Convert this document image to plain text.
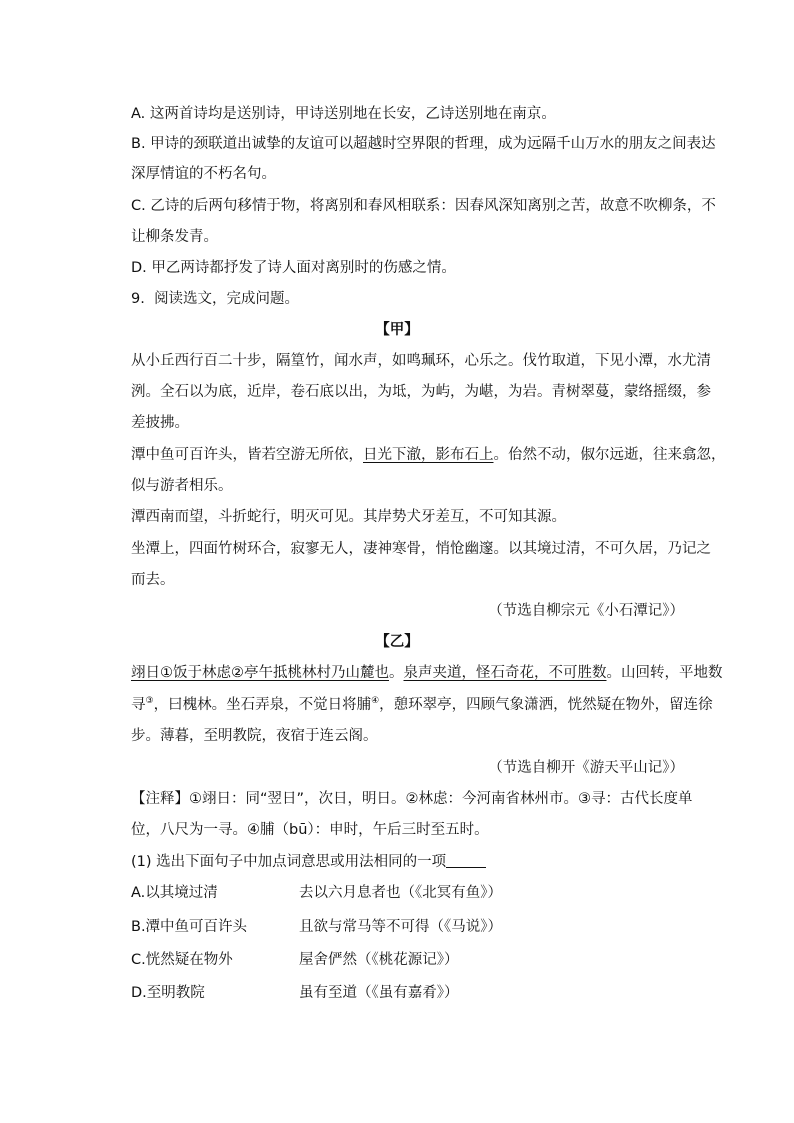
A. 这两首诗均是送别诗，甲诗送别地在长安，乙诗送别地在南京。
B. 甲诗的颈联道出诚挚的友谊可以超越时空界限的哲理，成为远隔千山万水的朋友之间表达
深厚情谊的不朽名句。
C. 乙诗的后两句移情于物，将离别和春风相联系：因春风深知离别之苦，故意不吹柳条，不
让柳条发青。
D. 甲乙两诗都抒发了诗人面对离别时的伤感之情。
9. 阅读选文，完成问题。
【甲】
从小丘西行百二十步，隔篁竹，闻水声，如鸣珮环，心乐之。伐竹取道，下见小潭，水尤清
洌。全石以为底，近岸，卷石底以出，为坻，为屿，为嵁，为岩。青树翠蔓，蒙络摇缀，参
差披拂。
潭中鱼可百许头，皆若空游无所依，日光下澈，影布石上。佁然不动，俶尔远逝，往来翕忽，
似与游者相乐。
潭西南而望，斗折蛇行，明灭可见。其岸势犬牙差互，不可知其源。
坐潭上，四面竹树环合，寂寥无人，凄神寒骨，悄怆幽邃。以其境过清，不可久居，乃记之
而去。
（节选自柳宗元《小石潭记》）
【乙】
翊日①饭于林虑②亭午抵桃林村乃山麓也。泉声夹道，怪石奇花，不可胜数。山回转，平地数
寻③，曰槐林。坐石弄泉，不觉日将脯④，憩环翠亭，四顾气象潇洒，恍然疑在物外，留连徐
步。薄暮，至明教院，夜宿于连云阁。
（节选自柳开《游天平山记》）
【注释】①翊日：同“翌日”，次日，明日。②林虑：今河南省林州市。③寻：古代长度单
位，八尺为一寻。④脯（bū）：申时，午后三时至五时。
(1) 选出下面句子中加点词意思或用法相同的一项
A.以其境过清	去以六月息者也（《北冥有鱼》）
B.潭中鱼可百许头	且欲与常马等不可得（《马说》）
C.恍然疑在物外	屋舍俨然（《桃花源记》）
D.至明教院	虽有至道（《虽有嘉肴》）
